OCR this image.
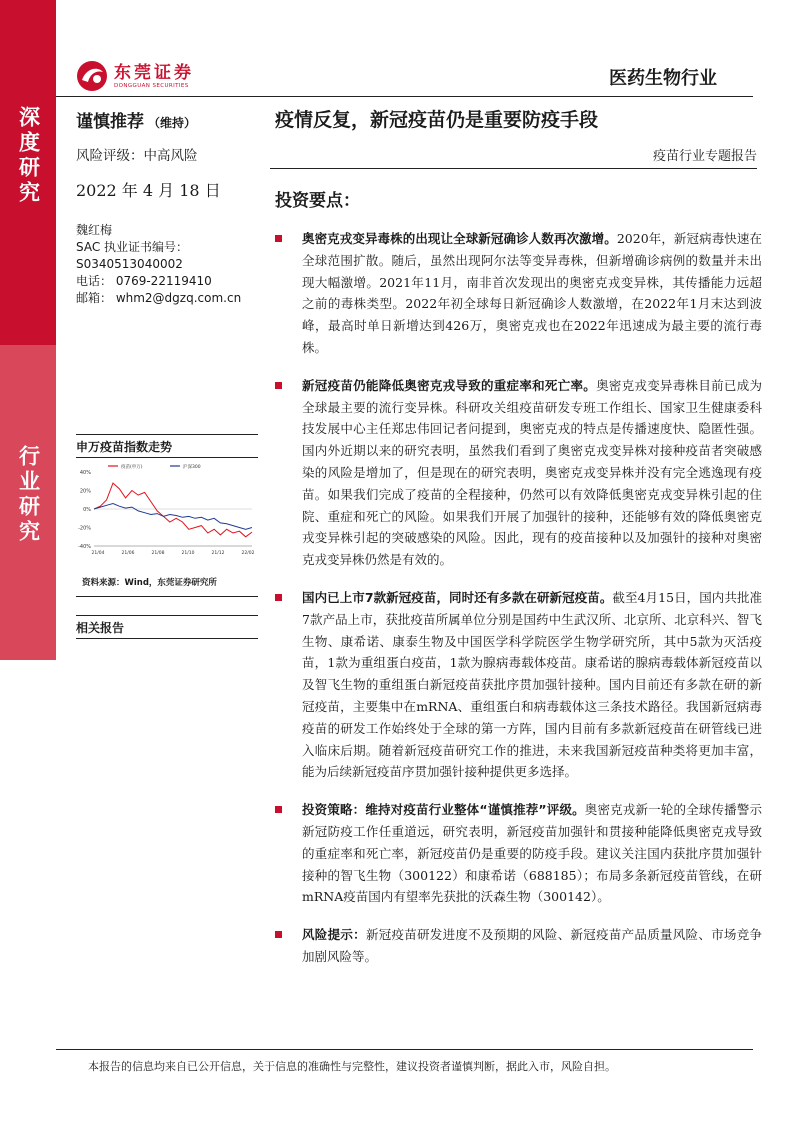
深度研究
行业研究
东莞证券
DONGGUAN SECURITIES	医药生物行业
谨慎推荐 （维持）
风险评级：中高风险
2022 年 4 月 18 日
魏红梅
SAC 执业证书编号：
S0340513040002
电话： 0769-22119410
邮箱： whm2@dgzq.com.cn
疫情反复，新冠疫苗仍是重要防疫手段
疫苗行业专题报告
申万疫苗指数走势
40%
20%
0%
-20%
-40%
21/04	21/06	21/08	21/10	21/12	22/02
疫苗(申万)	沪深300
资料来源：Wind，东莞证券研究所
相关报告
投资要点：
奥密克戎变异毒株的出现让全球新冠确诊人数再次激增。2020年，新冠病毒快速在全球范围扩散。随后，虽然出现阿尔法等变异毒株，但新增确诊病例的数量并未出现大幅激增。2021年11月，南非首次发现出的奥密克戎变异株，其传播能力远超之前的毒株类型。2022年初全球每日新冠确诊人数激增，在2022年1月末达到波峰，最高时单日新增达到426万，奥密克戎也在2022年迅速成为最主要的流行毒株。
新冠疫苗仍能降低奥密克戎导致的重症率和死亡率。奥密克戎变异毒株目前已成为全球最主要的流行变异株。科研攻关组疫苗研发专班工作组长、国家卫生健康委科技发展中心主任郑忠伟回记者问提到，奥密克戎的特点是传播速度快、隐匿性强。国内外近期以来的研究表明，虽然我们看到了奥密克戎变异株对接种疫苗者突破感染的风险是增加了，但是现在的研究表明，奥密克戎变异株并没有完全逃逸现有疫苗。如果我们完成了疫苗的全程接种，仍然可以有效降低奥密克戎变异株引起的住院、重症和死亡的风险。如果我们开展了加强针的接种，还能够有效的降低奥密克戎变异株引起的突破感染的风险。因此，现有的疫苗接种以及加强针的接种对奥密克戎变异株仍然是有效的。
国内已上市7款新冠疫苗，同时还有多款在研新冠疫苗。截至4月15日，国内共批准7款产品上市，获批疫苗所属单位分别是国药中生武汉所、北京所、北京科兴、智飞生物、康希诺、康泰生物及中国医学科学院医学生物学研究所，其中5款为灭活疫苗，1款为重组蛋白疫苗，1款为腺病毒载体疫苗。康希诺的腺病毒载体新冠疫苗以及智飞生物的重组蛋白新冠疫苗获批序贯加强针接种。国内目前还有多款在研的新冠疫苗，主要集中在mRNA、重组蛋白和病毒载体这三条技术路径。我国新冠病毒疫苗的研发工作始终处于全球的第一方阵，国内目前有多款新冠疫苗在研管线已进入临床后期。随着新冠疫苗研究工作的推进，未来我国新冠疫苗种类将更加丰富，能为后续新冠疫苗序贯加强针接种提供更多选择。
投资策略：维持对疫苗行业整体“谨慎推荐”评级。奥密克戎新一轮的全球传播警示新冠防疫工作任重道远，研究表明，新冠疫苗加强针和贯接种能降低奥密克戎导致的重症率和死亡率，新冠疫苗仍是重要的防疫手段。建议关注国内获批序贯加强针接种的智飞生物（300122）和康希诺（688185）；布局多条新冠疫苗管线，在研mRNA疫苗国内有望率先获批的沃森生物（300142）。
风险提示：新冠疫苗研发进度不及预期的风险、新冠疫苗产品质量风险、市场竞争加剧风险等。
本报告的信息均来自已公开信息，关于信息的准确性与完整性，建议投资者谨慎判断，据此入市，风险自担。
